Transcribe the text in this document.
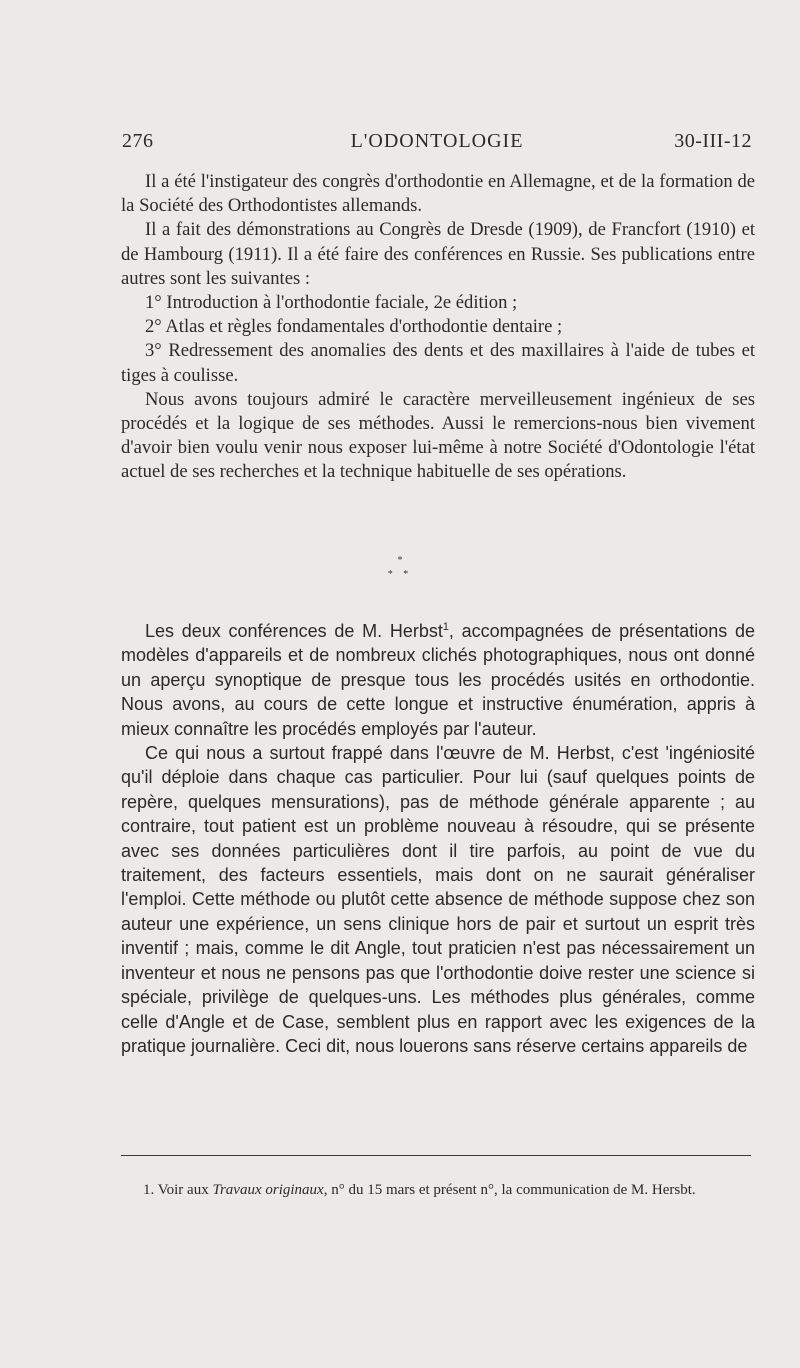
276	L'ODONTOLOGIE	30-III-12

Il a été l'instigateur des congrès d'orthodontie en Allemagne, et de la formation de la Société des Orthodontistes allemands.

Il a fait des démonstrations au Congrès de Dresde (1909), de Francfort (1910) et de Hambourg (1911). Il a été faire des conférences en Russie. Ses publications entre autres sont les suivantes :

1° Introduction à l'orthodontie faciale, 2e édition ;

2° Atlas et règles fondamentales d'orthodontie dentaire ;

3° Redressement des anomalies des dents et des maxillaires à l'aide de tubes et tiges à coulisse.

Nous avons toujours admiré le caractère merveilleusement ingénieux de ses procédés et la logique de ses méthodes. Aussi le remercions-nous bien vivement d'avoir bien voulu venir nous exposer lui-même à notre Société d'Odontologie l'état actuel de ses recherches et la technique habituelle de ses opérations.

*
* *

Les deux conférences de M. Herbst$^1$, accompagnées de présentations de modèles d'appareils et de nombreux clichés photographiques, nous ont donné un aperçu synoptique de presque tous les procédés usités en orthodontie. Nous avons, au cours de cette longue et instructive énumération, appris à mieux connaître les procédés employés par l'auteur.

Ce qui nous a surtout frappé dans l'œuvre de M. Herbst, c'est 'ingéniosité qu'il déploie dans chaque cas particulier. Pour lui (sauf quelques points de repère, quelques mensurations), pas de méthode générale apparente ; au contraire, tout patient est un problème nouveau à résoudre, qui se présente avec ses données particulières dont il tire parfois, au point de vue du traitement, des facteurs essentiels, mais dont on ne saurait généraliser l'emploi. Cette méthode ou plutôt cette absence de méthode suppose chez son auteur une expérience, un sens clinique hors de pair et surtout un esprit très inventif ; mais, comme le dit Angle, tout praticien n'est pas nécessairement un inventeur et nous ne pensons pas que l'orthodontie doive rester une science si spéciale, privilège de quelques-uns. Les méthodes plus générales, comme celle d'Angle et de Case, semblent plus en rapport avec les exigences de la pratique journalière. Ceci dit, nous louerons sans réserve certains appareils de

1. Voir aux Travaux originaux, n° du 15 mars et présent n°, la communication de M. Hersbt.
